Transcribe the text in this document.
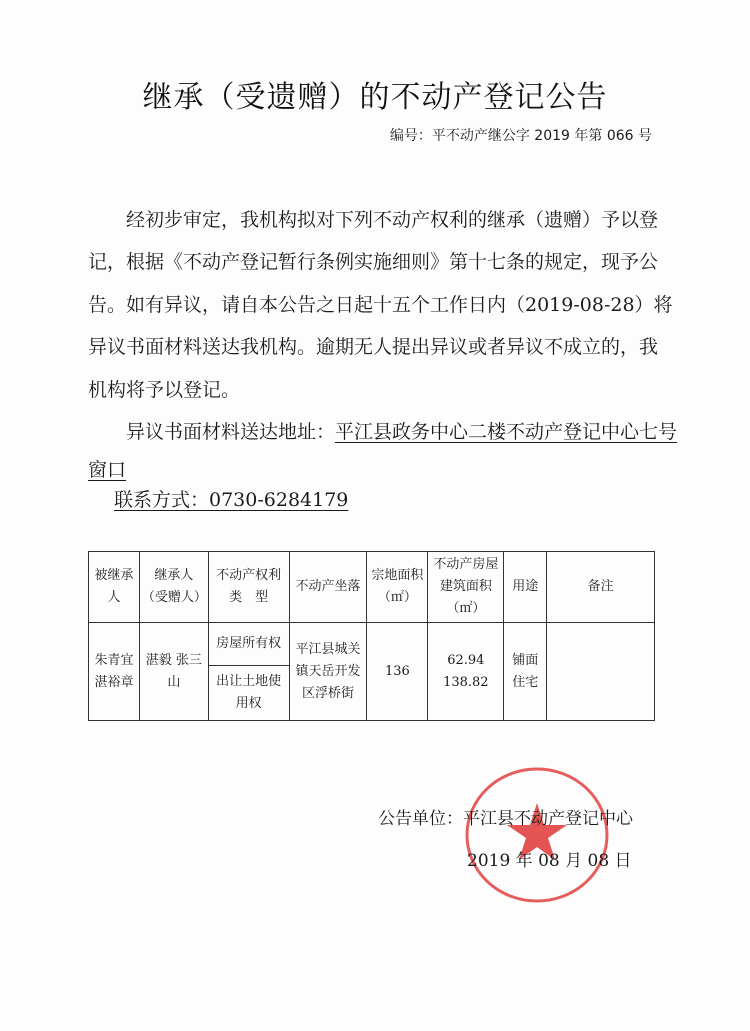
继承（受遗赠）的不动产登记公告
编号：平不动产继公字 2019 年第 066 号
经初步审定，我机构拟对下列不动产权利的继承（遗赠）予以登
记，根据《不动产登记暂行条例实施细则》第十七条的规定，现予公
告。如有异议，请自本公告之日起十五个工作日内（2019-08-28）将
异议书面材料送达我机构。逾期无人提出异议或者异议不成立的，我
机构将予以登记。
异议书面材料送达地址：平江县政务中心二楼不动产登记中心七号
窗口
联系方式：0730-6284179
被继承人	继承人（受赠人）	不动产权利类　型	不动产坐落	宗地面积（㎡）	不动产房屋建筑面积（㎡）	用途	备注
朱青宜 湛裕章	湛毅 张三山	房屋所有权	平江县城关镇天岳开发区浮桥街	136	62.94 138.82	铺面 住宅	
		出让土地使用权					
公告单位：平江县不动产登记中心
2019 年 08 月 08 日
